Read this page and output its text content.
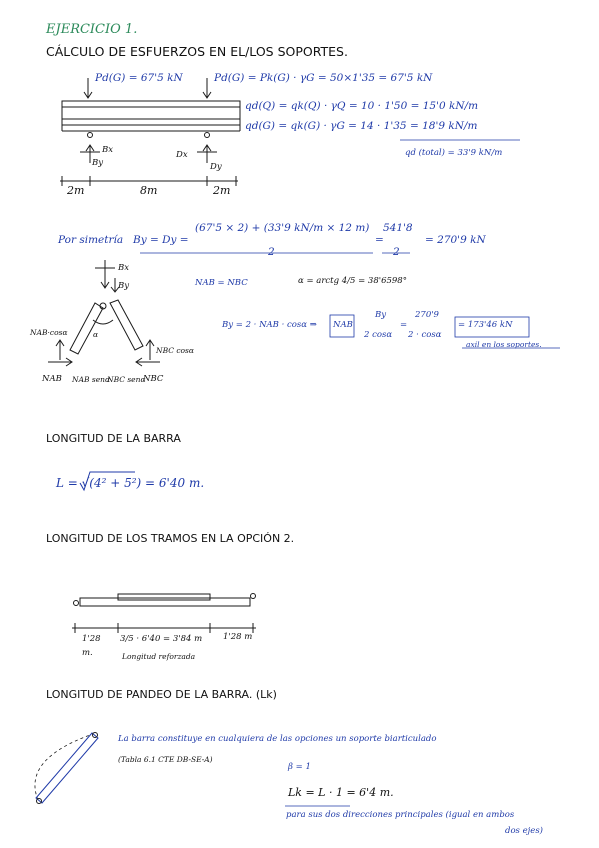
EJERCICIO 1.
CÁLCULO DE ESFUERZOS EN EL/LOS SOPORTES.
Pd(G) = 67'5 kN	Pd(G) = Pk(G) · γG = 50×1'35 = 67'5 kN
qd(Q) = qk(Q) · γQ = 10 · 1'50 = 15'0 kN/m
qd(G) = qk(G) · γG = 14 · 1'35 = 18'9 kN/m
qd (total) = 33'9 kN/m
Bx
By
Dx
Dy
2m	8m	2m
Por simetría By = Dy =
(67'5 × 2) + (33'9 kN/m × 12 m)
2
541'8
2
= 270'9 kN
=
Bx
By
NAB·cosα
NBC cosα
α
NAB NAB senα
NBC senα
NBC
NAB = NBC	α = arctg 4/5 = 38'6598°
By = 2 · NAB · cosα ⇒ NAB
By
2 cosα
270'9
2 · cosα
= 173'46 kN
axil en los soportes.
=
LONGITUD DE LA BARRA
L = √(4² + 5²) = 6'40 m.
LONGITUD DE LOS TRAMOS EN LA OPCIÓN 2.
1'28
m.
3/5 · 6'40 = 3'84 m
Longitud reforzada
1'28 m
LONGITUD DE PANDEO DE LA BARRA. (Lk)
La barra constituye en cualquiera de las opciones un soporte biarticulado
(Tabla 6.1 CTE DB-SE-A)
β = 1
Lk = L · 1 = 6'4 m.
para sus dos direcciones principales (igual en ambos
dos ejes)
